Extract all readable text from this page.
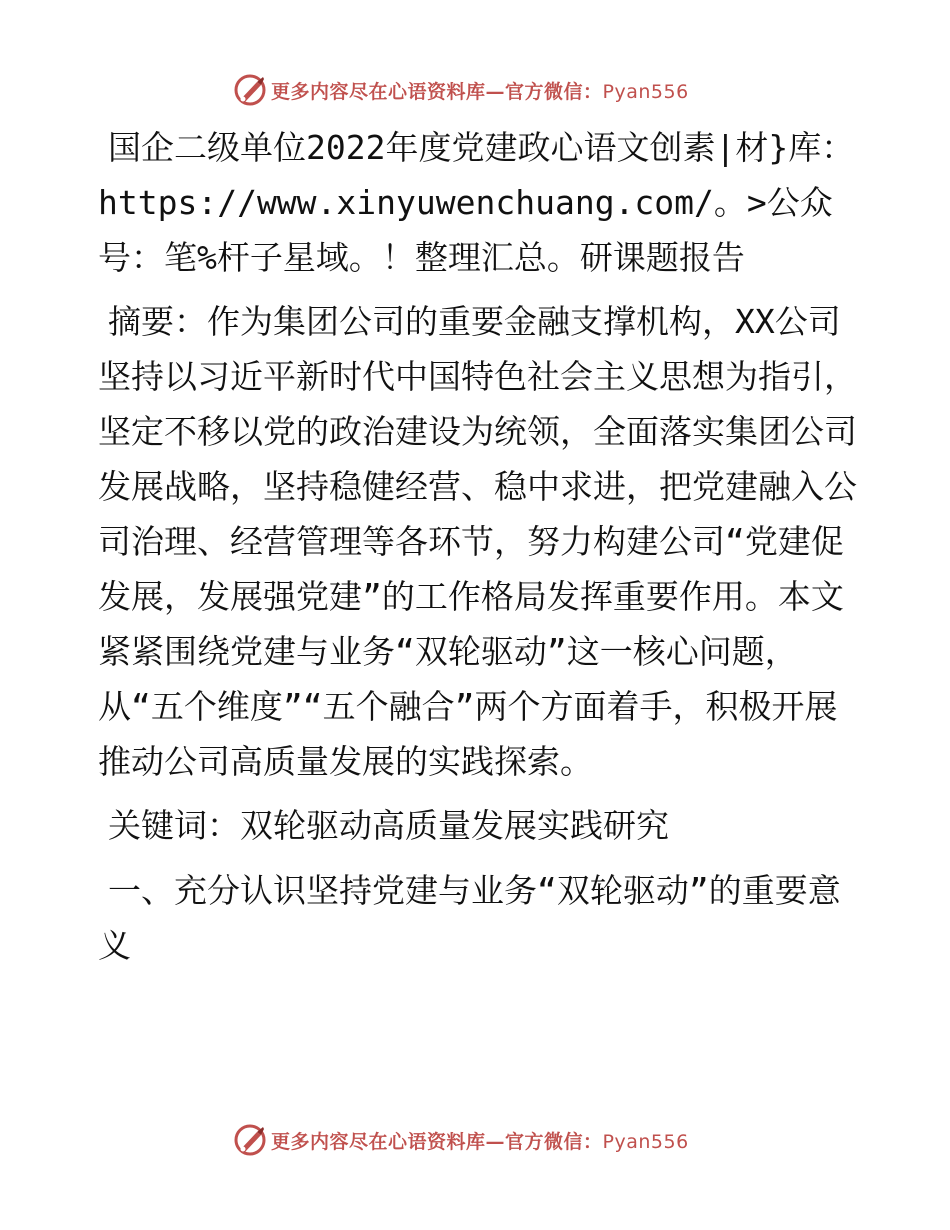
更多内容尽在心语资料库—官方微信：Pyan556

国企二级单位2022年度党建政心语文创素|材}库：https://www.xinyuwenchuang.com/。>公众号：笔%杆子星域。！整理汇总。研课题报告

摘要：作为集团公司的重要金融支撑机构，XX公司坚持以习近平新时代中国特色社会主义思想为指引，坚定不移以党的政治建设为统领，全面落实集团公司发展战略，坚持稳健经营、稳中求进，把党建融入公司治理、经营管理等各环节，努力构建公司“党建促发展，发展强党建”的工作格局发挥重要作用。本文紧紧围绕党建与业务“双轮驱动”这一核心问题，从“五个维度”“五个融合”两个方面着手，积极开展推动公司高质量发展的实践探索。

关键词：双轮驱动高质量发展实践研究

一、充分认识坚持党建与业务“双轮驱动”的重要意义

更多内容尽在心语资料库—官方微信：Pyan556
